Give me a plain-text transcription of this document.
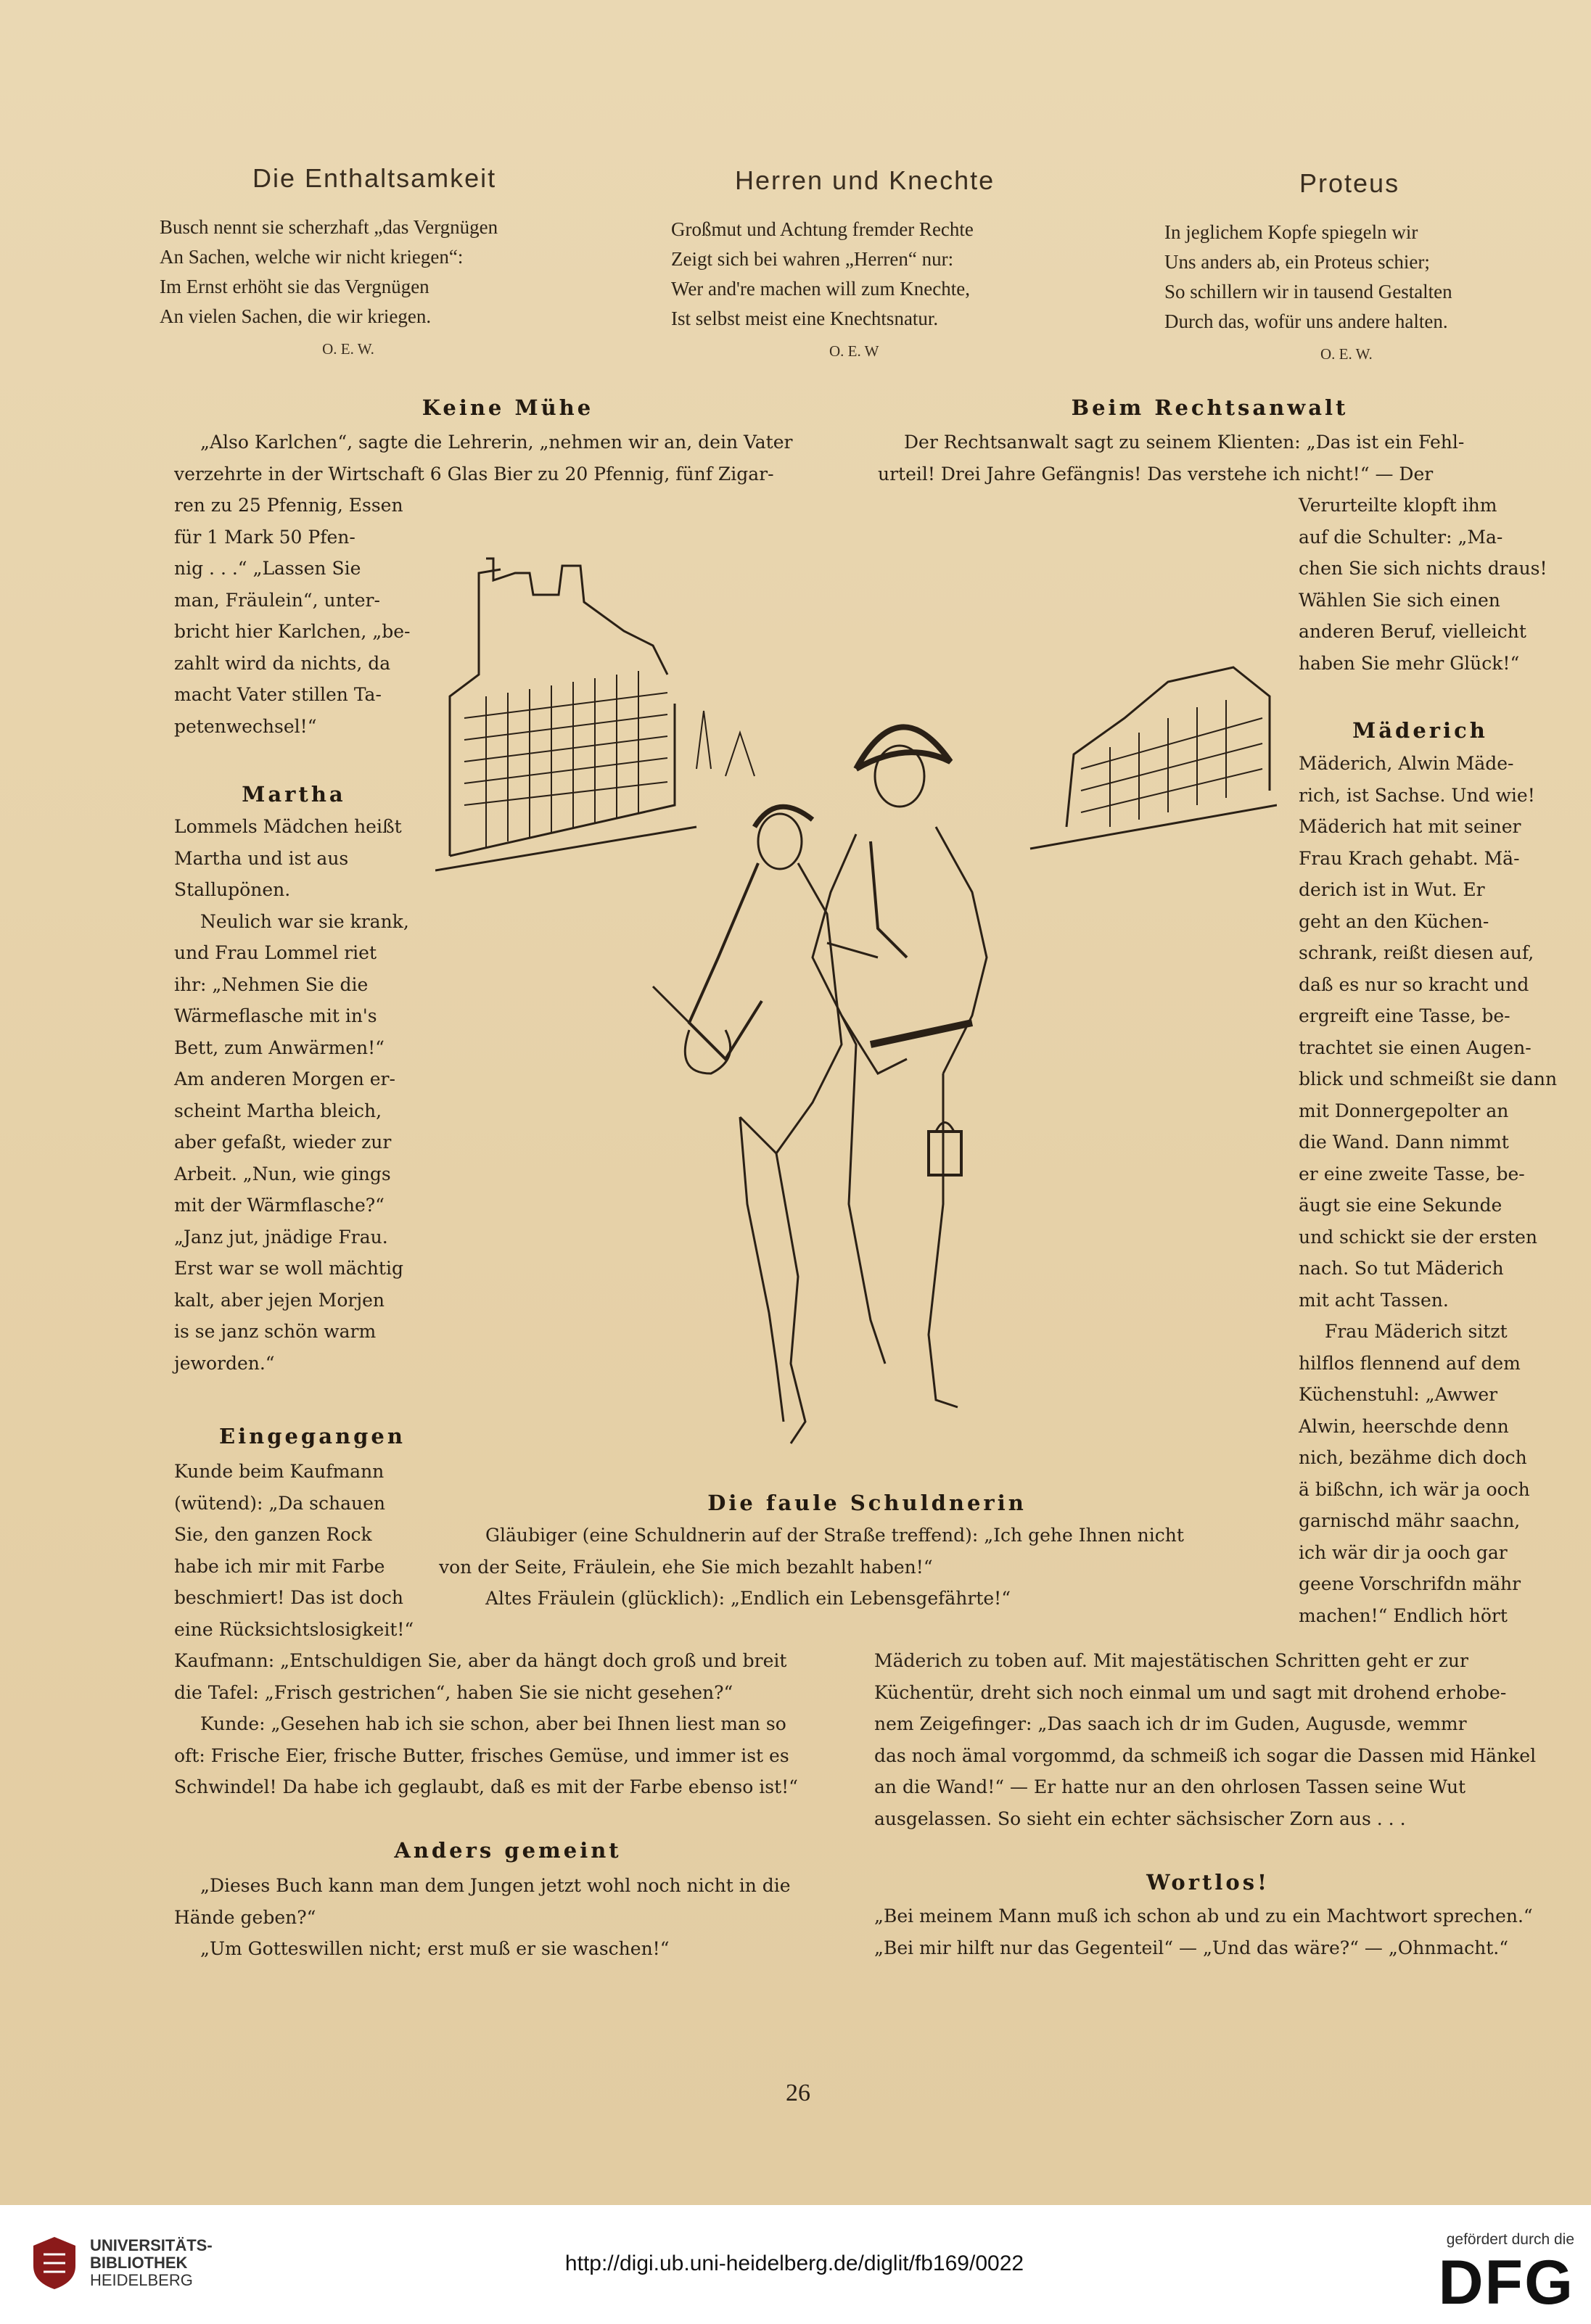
Die Enthaltsamkeit
Busch nennt sie scherzhaft „das Vergnügen
An Sachen, welche wir nicht kriegen“:
Im Ernst erhöht sie das Vergnügen
An vielen Sachen, die wir kriegen.
O. E. W.
Herren und Knechte
Großmut und Achtung fremder Rechte
Zeigt sich bei wahren „Herren“ nur:
Wer and're machen will zum Knechte,
Ist selbst meist eine Knechtsnatur.
O. E. W
Proteus
In jeglichem Kopfe spiegeln wir
Uns anders ab, ein Proteus schier;
So schillern wir in tausend Gestalten
Durch das, wofür uns andere halten.
O. E. W.
Keine Mühe

„Also Karlchen“, sagte die Lehrerin, „nehmen wir an, dein Vater

verzehrte in der Wirtschaft 6 Glas Bier zu 20 Pfennig, fünf Zigar-

ren zu 25 Pfennig, Essen

für 1 Mark 50 Pfen-

nig . . .“ „Lassen Sie

man, Fräulein“, unter-

bricht hier Karlchen, „be-

zahlt wird da nichts, da

macht Vater stillen Ta-

petenwechsel!“

Martha

Lommels Mädchen heißt

Martha und ist aus

Stallupönen.

Neulich war sie krank,

und Frau Lommel riet

ihr: „Nehmen Sie die

Wärmeflasche mit in's

Bett, zum Anwärmen!“

Am anderen Morgen er-

scheint Martha bleich,

aber gefaßt, wieder zur

Arbeit. „Nun, wie gings

mit der Wärmflasche?“

„Janz jut, jnädige Frau.

Erst war se woll mächtig

kalt, aber jejen Morjen

is se janz schön warm

jeworden.“

Eingegangen

Kunde beim Kaufmann

(wütend): „Da schauen

Sie, den ganzen Rock

habe ich mir mit Farbe

beschmiert! Das ist doch

eine Rücksichtslosigkeit!“

Kaufmann: „Entschuldigen Sie, aber da hängt doch groß und breit

die Tafel: „Frisch gestrichen“, haben Sie sie nicht gesehen?“

Kunde: „Gesehen hab ich sie schon, aber bei Ihnen liest man so

oft: Frische Eier, frische Butter, frisches Gemüse, und immer ist es

Schwindel! Da habe ich geglaubt, daß es mit der Farbe ebenso ist!“

Anders gemeint

„Dieses Buch kann man dem Jungen jetzt wohl noch nicht in die

Hände geben?“

„Um Gotteswillen nicht; erst muß er sie waschen!“

Beim Rechtsanwalt

Der Rechtsanwalt sagt zu seinem Klienten: „Das ist ein Fehl-

urteil! Drei Jahre Gefängnis! Das verstehe ich nicht!“ — Der

Verurteilte klopft ihm

auf die Schulter: „Ma-

chen Sie sich nichts draus!

Wählen Sie sich einen

anderen Beruf, vielleicht

haben Sie mehr Glück!“

Mäderich

Mäderich, Alwin Mäde-

rich, ist Sachse. Und wie!

Mäderich hat mit seiner

Frau Krach gehabt. Mä-

derich ist in Wut. Er

geht an den Küchen-

schrank, reißt diesen auf,

daß es nur so kracht und

ergreift eine Tasse, be-

trachtet sie einen Augen-

blick und schmeißt sie dann

mit Donnergepolter an

die Wand. Dann nimmt

er eine zweite Tasse, be-

äugt sie eine Sekunde

und schickt sie der ersten

nach. So tut Mäderich

mit acht Tassen.

Frau Mäderich sitzt

hilflos flennend auf dem

Küchenstuhl: „Awwer

Alwin, heerschde denn

nich, bezähme dich doch

ä bißchn, ich wär ja ooch

garnischd mähr saachn,

ich wär dir ja ooch gar

geene Vorschrifdn mähr

machen!“ Endlich hört

Mäderich zu toben auf. Mit majestätischen Schritten geht er zur

Küchentür, dreht sich noch einmal um und sagt mit drohend erhobe-

nem Zeigefinger: „Das saach ich dr im Guden, Augusde, wemmr

das noch ämal vorgommd, da schmeiß ich sogar die Dassen mid Hänkel

an die Wand!“ — Er hatte nur an den ohrlosen Tassen seine Wut

ausgelassen. So sieht ein echter sächsischer Zorn aus . . .

Die faule Schuldnerin

Gläubiger (eine Schuldnerin auf der Straße treffend): „Ich gehe Ihnen nicht

von der Seite, Fräulein, ehe Sie mich bezahlt haben!“

Altes Fräulein (glücklich): „Endlich ein Lebensgefährte!“

Wortlos!

„Bei meinem Mann muß ich schon ab und zu ein Machtwort sprechen.“

„Bei mir hilft nur das Gegenteil“ — „Und das wäre?“ — „Ohnmacht.“

26
UNIVERSITÄTS-
BIBLIOTHEK
HEIDELBERG
http://digi.ub.uni-heidelberg.de/diglit/fb169/0022
gefördert durch die
DFG
